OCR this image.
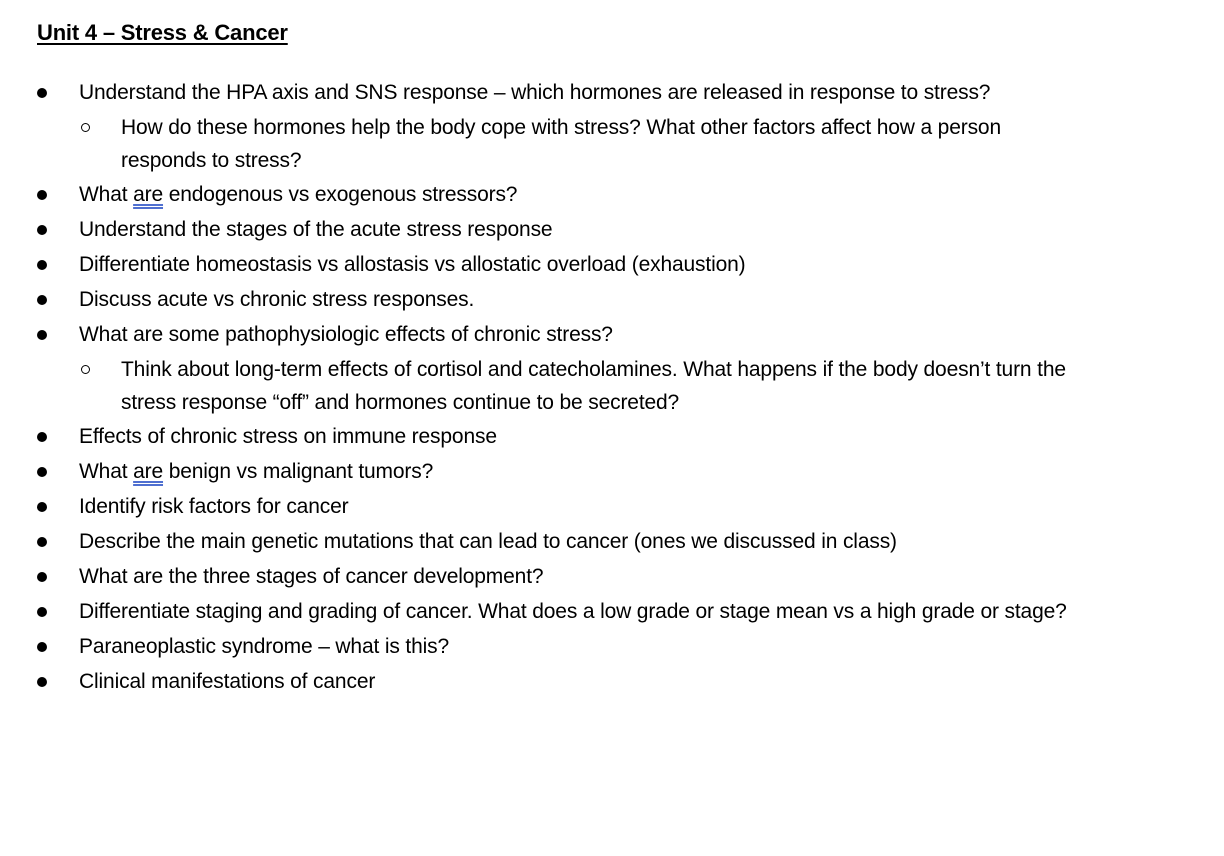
Unit 4 – Stress & Cancer
Understand the HPA axis and SNS response – which hormones are released in response to stress?
How do these hormones help the body cope with stress? What other factors affect how a person responds to stress?
What are endogenous vs exogenous stressors?
Understand the stages of the acute stress response
Differentiate homeostasis vs allostasis vs allostatic overload (exhaustion)
Discuss acute vs chronic stress responses.
What are some pathophysiologic effects of chronic stress?
Think about long-term effects of cortisol and catecholamines. What happens if the body doesn’t turn the stress response “off” and hormones continue to be secreted?
Effects of chronic stress on immune response
What are benign vs malignant tumors?
Identify risk factors for cancer
Describe the main genetic mutations that can lead to cancer (ones we discussed in class)
What are the three stages of cancer development?
Differentiate staging and grading of cancer. What does a low grade or stage mean vs a high grade or stage?
Paraneoplastic syndrome – what is this?
Clinical manifestations of cancer
